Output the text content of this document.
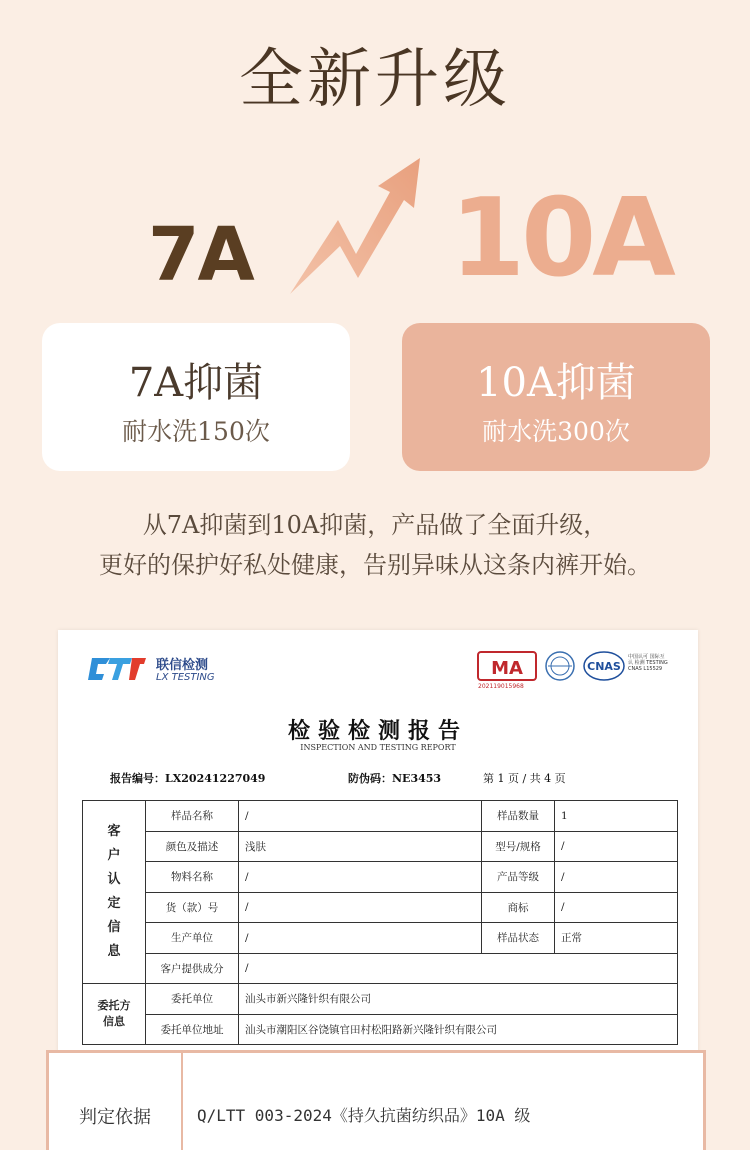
全新升级
7A 10A
7A抑菌
耐水洗150次
10A抑菌
耐水洗300次
从7A抑菌到10A抑菌，产品做了全面升级，
更好的保护好私处健康，告别异味从这条内裤开始。
联信检测
LX TESTING	MA
202119015968
CNAS
中国认可 国际互认 检测 TESTING CNAS L15529
检验检测报告
INSPECTION AND TESTING REPORT
报告编号：LX20241227049	防伪码：NE3453	第 1 页 / 共 4 页
客户认定信息	样品名称	/	样品数量	1
	颜色及描述	浅肤	型号/规格	/
	物料名称	/	产品等级	/
	货（款）号	/	商标	/
	生产单位	/	样品状态	正常
	客户提供成分	/		
委托方信息	委托单位	汕头市新兴隆针织有限公司		
	委托单位地址	汕头市潮阳区谷饶镇官田村松阳路新兴隆针织有限公司		
判定依据	Q/LTT 003-2024《持久抗菌纺织品》10A 级
